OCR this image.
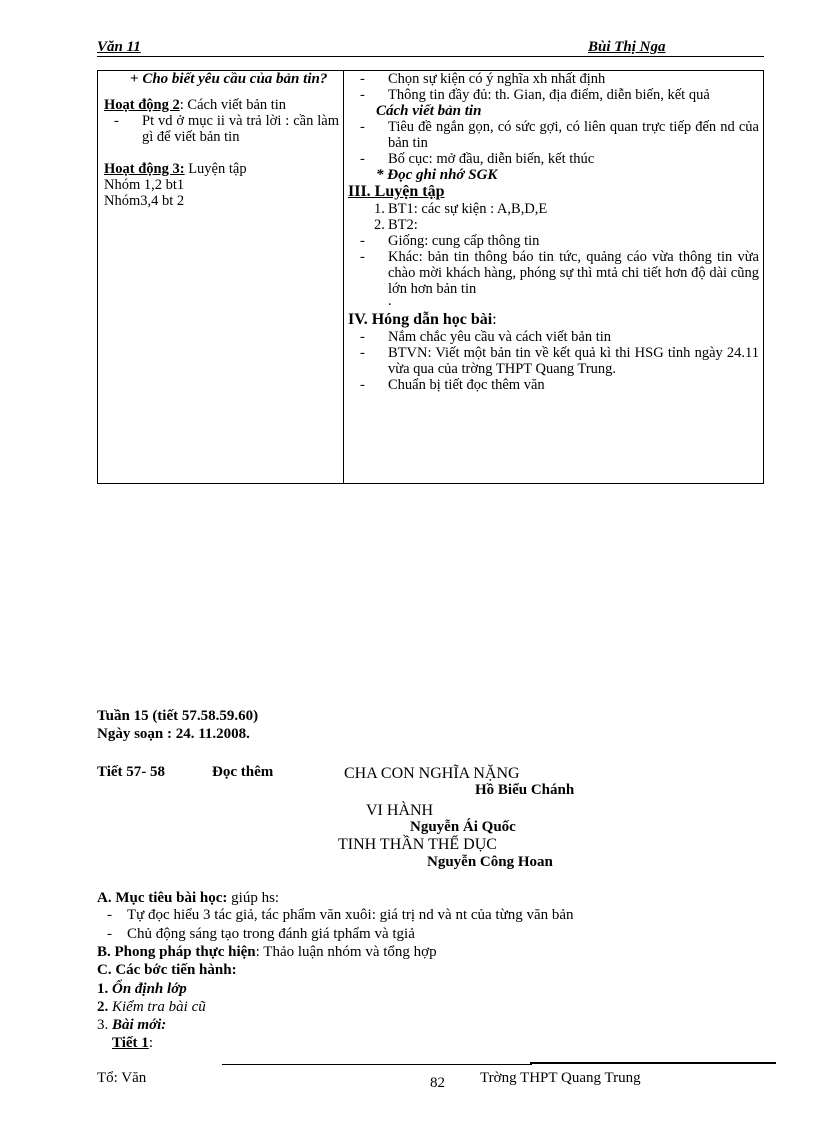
Văn 11	Bùi Thị Nga
+ Cho biết yêu cầu của bản tin?
Hoạt động 2: Cách viết bản tin
- Pt vd ở mục ii và trả lời : cần làm gì để viết bản tin
Hoạt động 3: Luyện tập
Nhóm 1,2 bt1
Nhóm3,4 bt 2

- Chọn sự kiện có ý nghĩa xh nhất định
- Thông tin đầy đủ: th. Gian, địa điểm, diễn biến, kết quả
Cách viết bản tin
- Tiêu đề ngắn gọn, có sức gợi, có liên quan trực tiếp đến nd của bản tin
- Bố cục: mở đầu, diễn biến, kết thúc
* Đọc ghi nhớ SGK
III. Luyện tập
1. BT1: các sự kiện : A,B,D,E
2. BT2:
- Giống: cung cấp thông tin
- Khác: bản tin thông báo tin tức, quảng cáo vừa thông tin vừa chào mời khách hàng, phóng sự thì mtả chi tiết hơn độ dài cũng lớn hơn bản tin
.
IV. Hóng dẫn học bài:
- Nắm chắc yêu cầu và cách viết bản tin
- BTVN: Viết một bản tin về kết quả kì thi HSG tỉnh ngày 24.11 vừa qua của trờng THPT Quang Trung.
- Chuẩn bị tiết đọc thêm văn
Tuần 15 (tiết 57.58.59.60)
Ngày soạn : 24. 11.2008.
Tiết 57- 58	Đọc thêm	CHA CON NGHĨA NẶNG
Hồ Biểu Chánh
VI HÀNH
Nguyễn Ái Quốc
TINH THẦN THỂ DỤC
Nguyễn Công Hoan
A. Mục tiêu bài học: giúp hs:
-    Tự đọc hiểu 3 tác giả, tác phẩm văn xuôi: giá trị nd và nt của từng văn bản
-    Chủ động sáng tạo trong đánh giá tphẩm và tgiả
B. Phong pháp thực hiện: Thảo luận nhóm và tổng hợp
C. Các bớc tiến hành:
1. Ổn định lớp
2. Kiểm tra bài cũ
3. Bài mới:
Tiết 1:
Tổ: Văn	82 Trờng THPT Quang Trung
